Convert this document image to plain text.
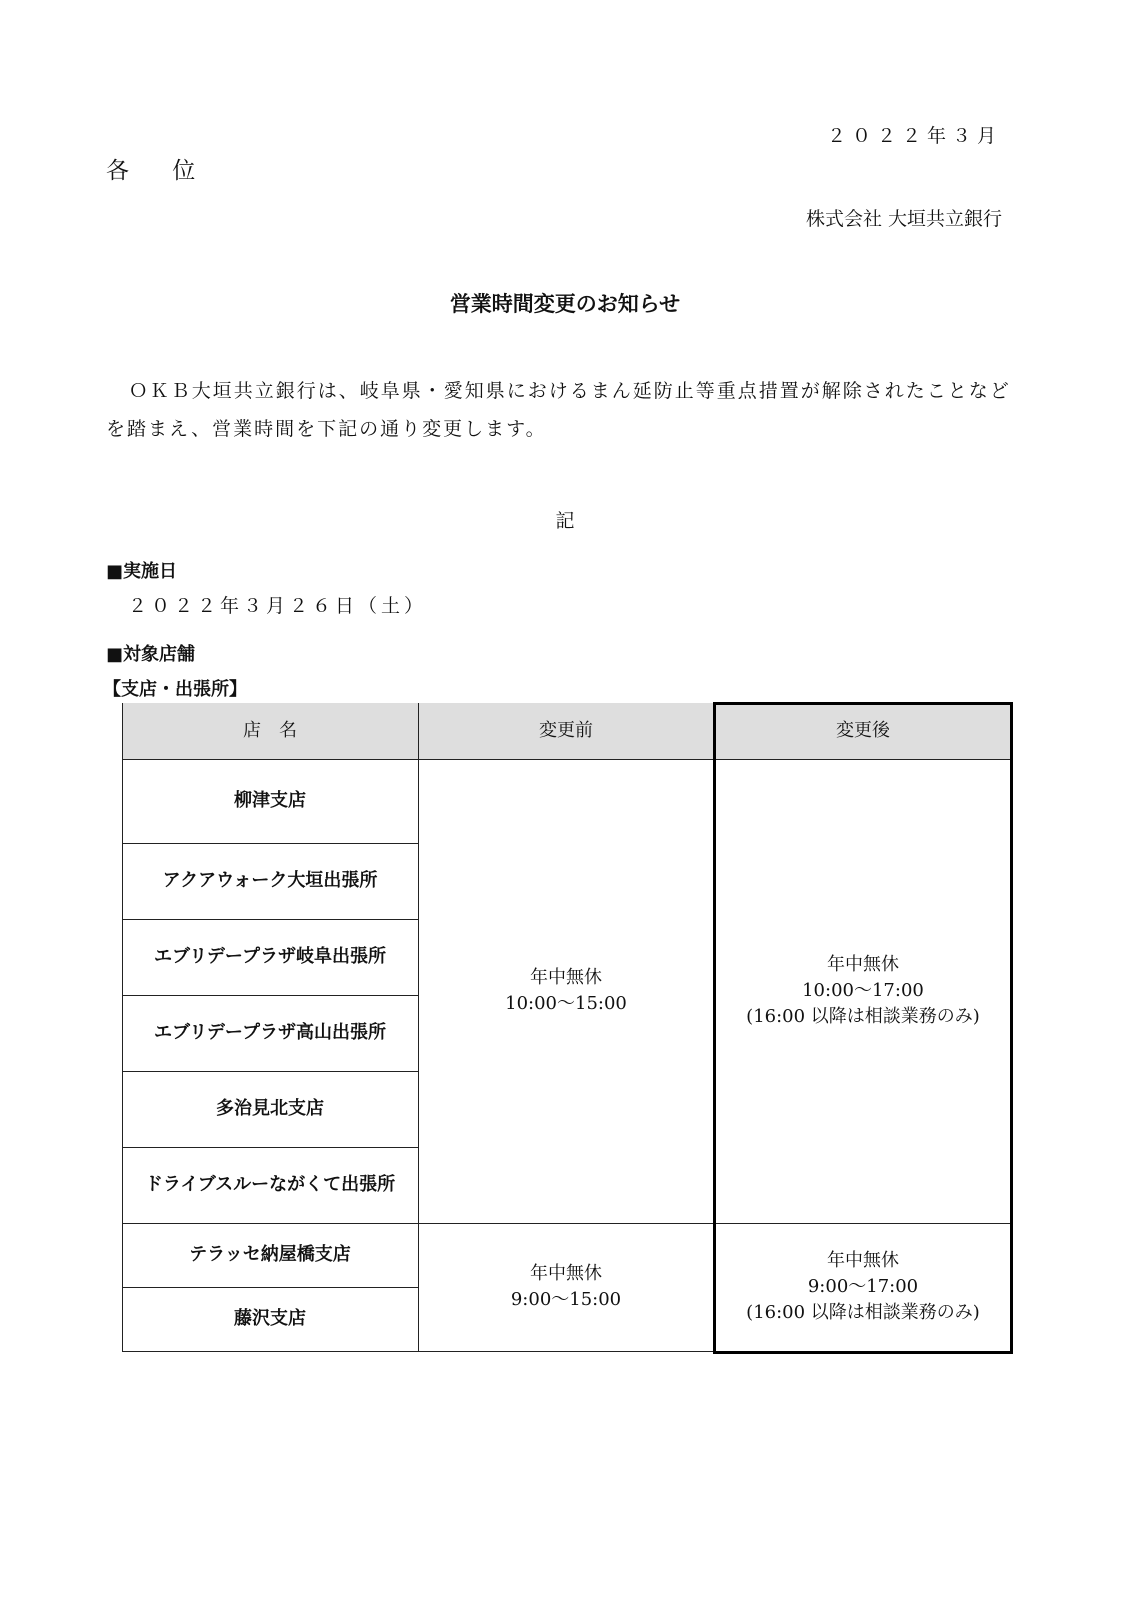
２０２２年３月
各 位
株式会社 大垣共立銀行
営業時間変更のお知らせ

ＯＫＢ大垣共立銀行は、岐阜県・愛知県におけるまん延防止等重点措置が解除されたことなどを踏まえ、営業時間を下記の通り変更します。

記
■実施日
２０２２年３月２６日（土）
■対象店舗
【支店・出張所】
店　名	変更前	変更後
柳津支店
アクアウォーク大垣出張所
エブリデープラザ岐阜出張所
エブリデープラザ高山出張所
多治見北支店
ドライブスルーながくて出張所
テラッセ納屋橋支店
藤沢支店
年中無休
10:00〜15:00
年中無休
10:00〜17:00
(16:00 以降は相談業務のみ)
年中無休
9:00〜15:00
年中無休
9:00〜17:00
(16:00 以降は相談業務のみ)
